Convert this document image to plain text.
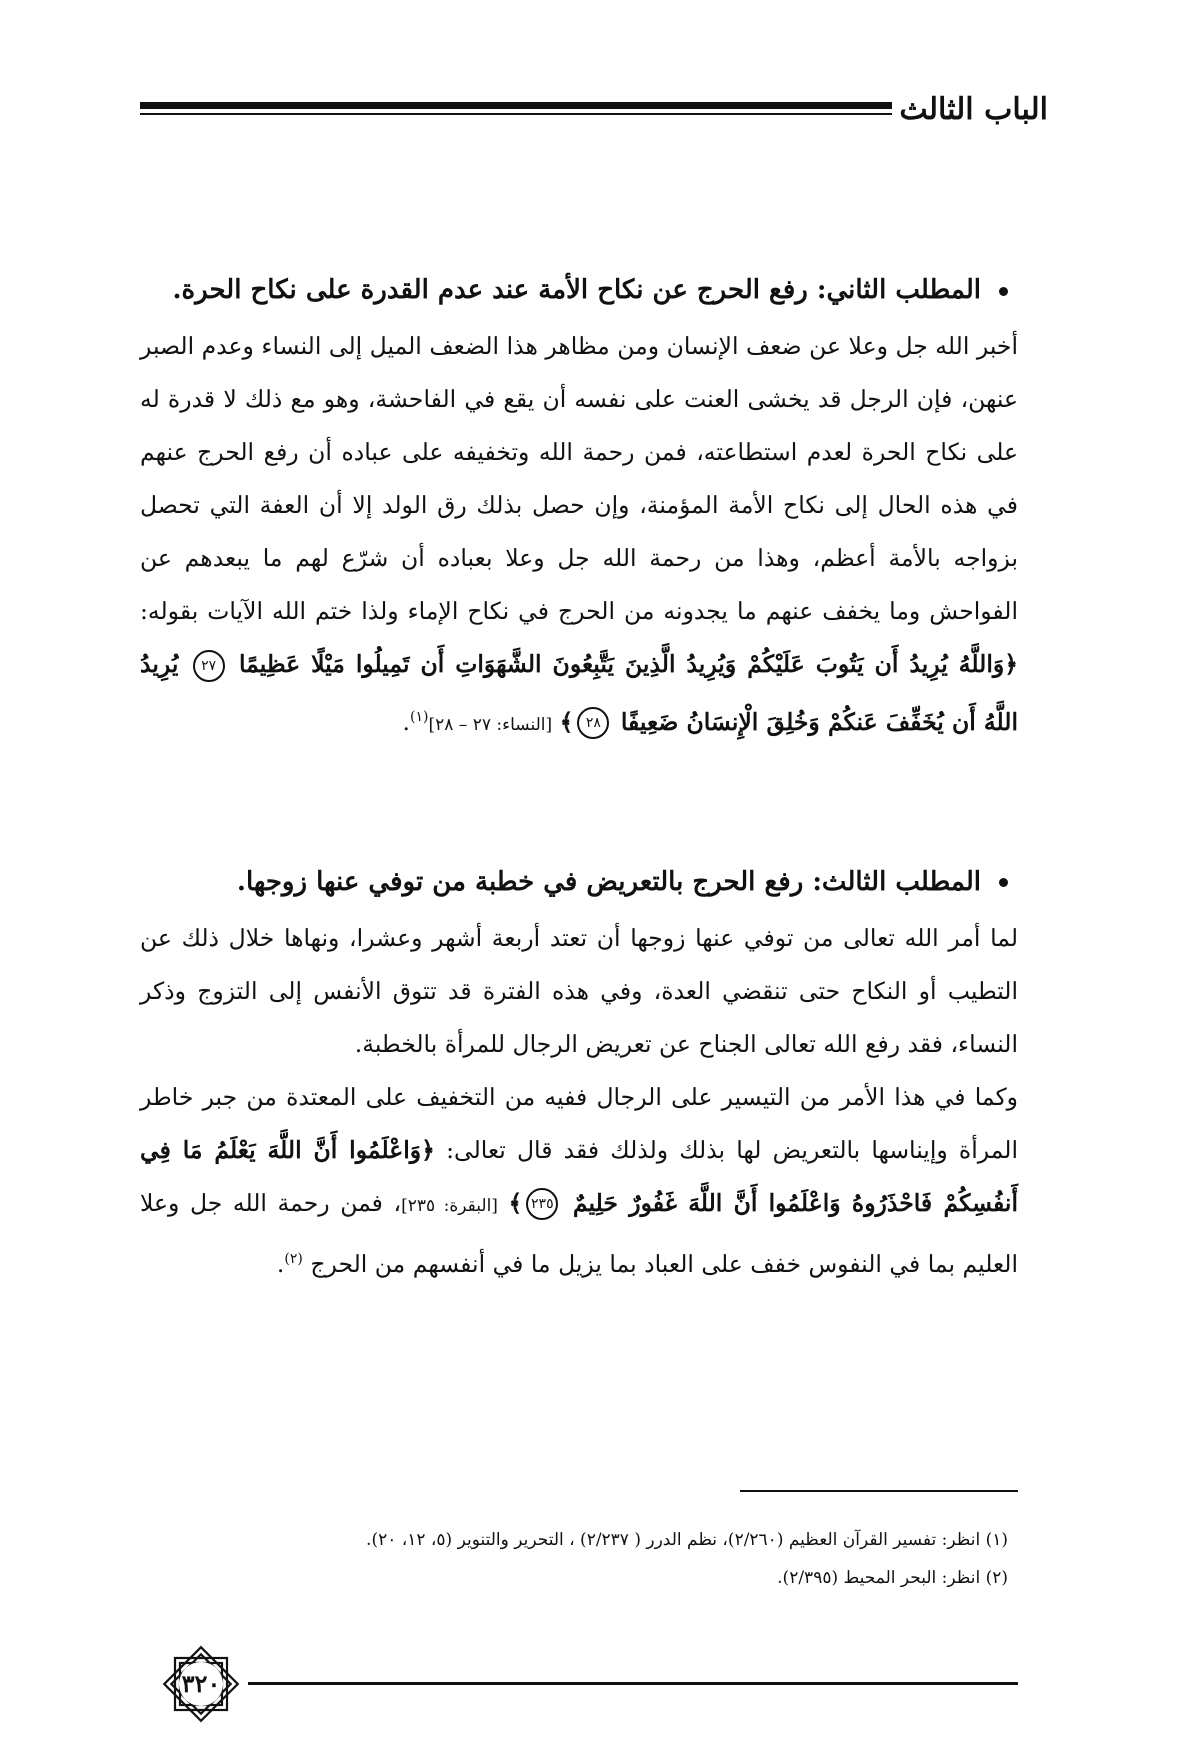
الباب الثالث
المطلب الثاني: رفع الحرج عن نكاح الأمة عند عدم القدرة على نكاح الحرة.

أخبر الله جل وعلا عن ضعف الإنسان ومن مظاهر هذا الضعف الميل إلى النساء وعدم الصبر عنهن، فإن الرجل قد يخشى العنت على نفسه أن يقع في الفاحشة، وهو مع ذلك لا قدرة له على نكاح الحرة لعدم استطاعته، فمن رحمة الله وتخفيفه على عباده أن رفع الحرج عنهم في هذه الحال إلى نكاح الأمة المؤمنة، وإن حصل بذلك رق الولد إلا أن العفة التي تحصل بزواجه بالأمة أعظم، وهذا من رحمة الله جل وعلا بعباده أن شرّع لهم ما يبعدهم عن الفواحش وما يخفف عنهم ما يجدونه من الحرج في نكاح الإماء ولذا ختم الله الآيات بقوله: ﴿وَاللَّهُ يُرِيدُ أَن يَتُوبَ عَلَيْكُمْ وَيُرِيدُ الَّذِينَ يَتَّبِعُونَ الشَّهَوَاتِ أَن تَمِيلُوا مَيْلًا عَظِيمًا ٢٧ يُرِيدُ اللَّهُ أَن يُخَفِّفَ عَنكُمْ وَخُلِقَ الْإِنسَانُ ضَعِيفًا ٢٨﴾ [النساء: ٢٧ – ٢٨]$^{(١)}$.

المطلب الثالث: رفع الحرج بالتعريض في خطبة من توفي عنها زوجها.

لما أمر الله تعالى من توفي عنها زوجها أن تعتد أربعة أشهر وعشرا، ونهاها خلال ذلك عن التطيب أو النكاح حتى تنقضي العدة، وفي هذه الفترة قد تتوق الأنفس إلى التزوج وذكر النساء، فقد رفع الله تعالى الجناح عن تعريض الرجال للمرأة بالخطبة.

وكما في هذا الأمر من التيسير على الرجال ففيه من التخفيف على المعتدة من جبر خاطر المرأة وإيناسها بالتعريض لها بذلك ولذلك فقد قال تعالى: ﴿وَاعْلَمُوا أَنَّ اللَّهَ يَعْلَمُ مَا فِي أَنفُسِكُمْ فَاحْذَرُوهُ وَاعْلَمُوا أَنَّ اللَّهَ غَفُورٌ حَلِيمٌ ٢٣٥﴾ [البقرة: ٢٣٥]، فمن رحمة الله جل وعلا العليم بما في النفوس خفف على العباد بما يزيل ما في أنفسهم من الحرج $^{(٢)}$.

(١) انظر: تفسير القرآن العظيم (٢/٢٦٠)، نظم الدرر ( ٢/٢٣٧) ، التحرير والتنوير (٥، ١٢، ٢٠).

(٢) انظر: البحر المحيط (٢/٣٩٥).

٣٢٠
